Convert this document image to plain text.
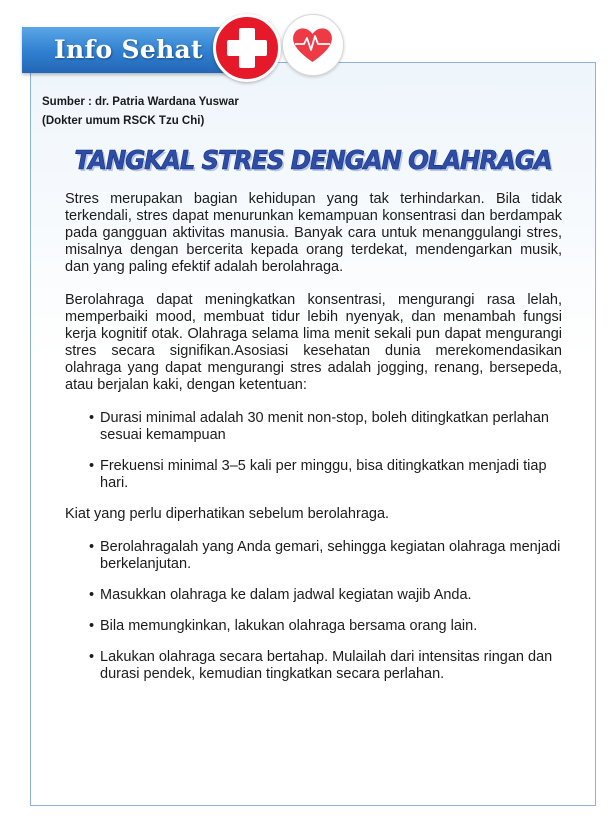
Info Sehat
Sumber : dr. Patria Wardana Yuswar
(Dokter umum RSCK Tzu Chi)
TANGKAL STRES DENGAN OLAHRAGA

Stres merupakan bagian kehidupan yang tak terhindarkan. Bila tidak terkendali, stres dapat menurunkan kemampuan konsentrasi dan berdampak pada gangguan aktivitas manusia. Banyak cara untuk menanggulangi stres, misalnya dengan bercerita kepada orang terdekat, mendengarkan musik, dan yang paling efektif adalah berolahraga.

Berolahraga dapat meningkatkan konsentrasi, mengurangi rasa lelah, memperbaiki mood, membuat tidur lebih nyenyak, dan menambah fungsi kerja kognitif otak. Olahraga selama lima menit sekali pun dapat mengurangi stres secara signifikan.Asosiasi kesehatan dunia merekomendasikan olahraga yang dapat mengurangi stres adalah jogging, renang, bersepeda, atau berjalan kaki, dengan ketentuan:

• Durasi minimal adalah 30 menit non-stop, boleh ditingkatkan perlahan sesuai kemampuan
• Frekuensi minimal 3–5 kali per minggu, bisa ditingkatkan menjadi tiap hari.

Kiat yang perlu diperhatikan sebelum berolahraga.

• Berolahragalah yang Anda gemari, sehingga kegiatan olahraga menjadi berkelanjutan.
• Masukkan olahraga ke dalam jadwal kegiatan wajib Anda.
• Bila memungkinkan, lakukan olahraga bersama orang lain.
• Lakukan olahraga secara bertahap. Mulailah dari intensitas ringan dan durasi pendek, kemudian tingkatkan secara perlahan.
